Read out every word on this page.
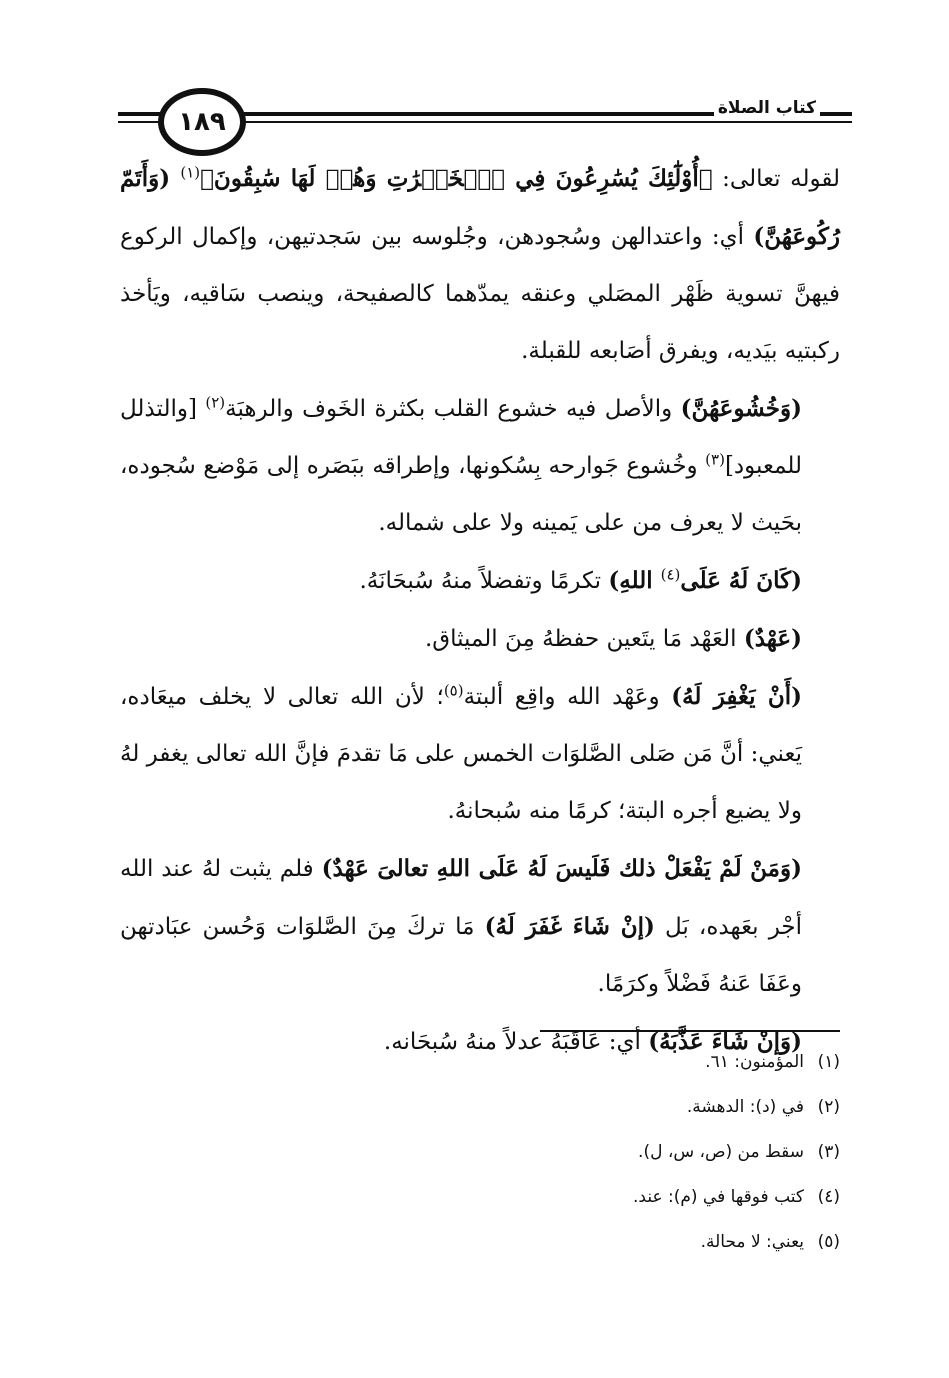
١٨٩	كتاب الصلاة

لقوله تعالى: ﴿أُوْلَٰٓئِكَ يُسَٰرِعُونَ فِي ٱلۡخَيۡرَٰتِ وَهُمۡ لَهَا سَٰبِقُونَ﴾$^{(١)}$ (وَأَتَمّ رُكُوعَهُنَّ) أي: واعتدالهن وسُجودهن، وجُلوسه بين سَجدتيهن، وإكمال الركوع فيهنَّ تسوية ظَهْر المصَلي وعنقه يمدّهما كالصفيحة، وينصب سَاقيه، ويَأخذ ركبتيه بيَديه، ويفرق أصَابعه للقبلة.

(وَخُشُوعَهُنَّ) والأصل فيه خشوع القلب بكثرة الخَوف والرهبَة$^{(٢)}$ [والتذلل للمعبود]$^{(٣)}$ وخُشوع جَوارحه بِسُكونها، وإطراقه ببَصَره إلى مَوْضع سُجوده، بحَيث لا يعرف من على يَمينه ولا على شماله.

(كَانَ لَهُ عَلَى$^{(٤)}$ اللهِ) تكرمًا وتفضلاً منهُ سُبحَانَهُ.

(عَهْدٌ) العَهْد مَا يتَعين حفظهُ مِنَ الميثاق.

(أَنْ يَغْفِرَ لَهُ) وعَهْد الله واقِع ألبتة$^{(٥)}$؛ لأن الله تعالى لا يخلف ميعَاده، يَعني: أنَّ مَن صَلى الصَّلوَات الخمس على مَا تقدمَ فإنَّ الله تعالى يغفر لهُ ولا يضيع أجره البتة؛ كرمًا منه سُبحانهُ.

(وَمَنْ لَمْ يَفْعَلْ ذلك فَلَيسَ لَهُ عَلَى اللهِ تعالىَ عَهْدٌ) فلم يثبت لهُ عند الله أجْر بعَهده، بَل (إنْ شَاءَ غَفَرَ لَهُ) مَا تركَ مِنَ الصَّلوَات وَحُسن عبَادتهن وعَفَا عَنهُ فَضْلاً وكرَمًا.

(وَإنْ شَاءَ عَذَّبَهُ) أي: عَاقَبَهُ عدلاً منهُ سُبحَانه.

(١)المؤمنون: ٦١.
(٢)في (د): الدهشة.
(٣)سقط من (ص، س، ل).
(٤)كتب فوقها في (م): عند.
(٥)يعني: لا محالة.
